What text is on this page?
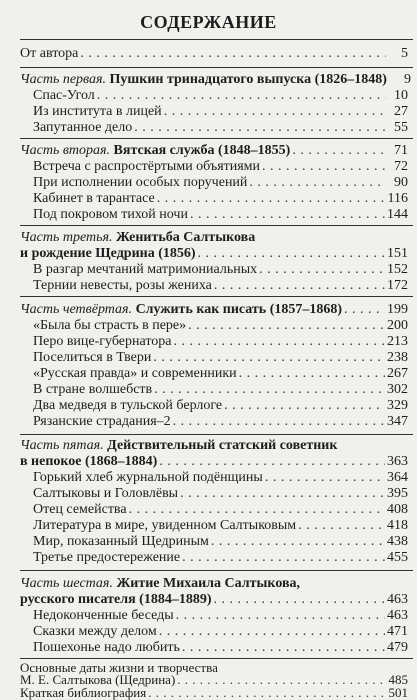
СОДЕРЖАНИЕ
От автора . . .	5
Часть первая. Пушкин тринадцатого выпуска (1826–1848)	9
Спас-Угол . . .	10
Из института в лицей . . .	27
Запутанное дело . . .	55
Часть вторая. Вятская служба (1848–1855) . . .	71
Встреча с распростёртыми объятиями . . .	72
При исполнении особых поручений . . .	90
Кабинет в тарантасе . . .	116
Под покровом тихой ночи . . .	144
Часть третья. Женитьба Салтыкова
и рождение Щедрина (1856) . . .	151
В разгар мечтаний матримониальных . . .	152
Тернии невесты, розы жениха . . .	172
Часть четвёртая. Служить как писать (1857–1868) . . .	199
«Была бы страсть в пере» . . .	200
Перо вице-губернатора . . .	213
Поселиться в Твери . . .	238
«Русская правда» и современники . . .	267
В стране волшебств . . .	302
Два медведя в тульской берлоге . . .	329
Рязанские страдания–2 . . .	347
Часть пятая. Действительный статский советник
в непокое (1868–1884) . . .	363
Горький хлеб журнальной подёнщины . . .	364
Салтыковы и Головлёвы . . .	395
Отец семейства . . .	408
Литература в мире, увиденном Салтыковым . . .	418
Мир, показанный Щедриным . . .	438
Третье предостережение . . .	455
Часть шестая. Житие Михаила Салтыкова,
русского писателя (1884–1889) . . .	463
Недоконченные беседы . . .	463
Сказки между делом . . .	471
Пошехонье надо любить . . .	479
Основные даты жизни и творчества
М. Е. Салтыкова (Щедрина) . . .	485
Краткая библиография . . .	501
